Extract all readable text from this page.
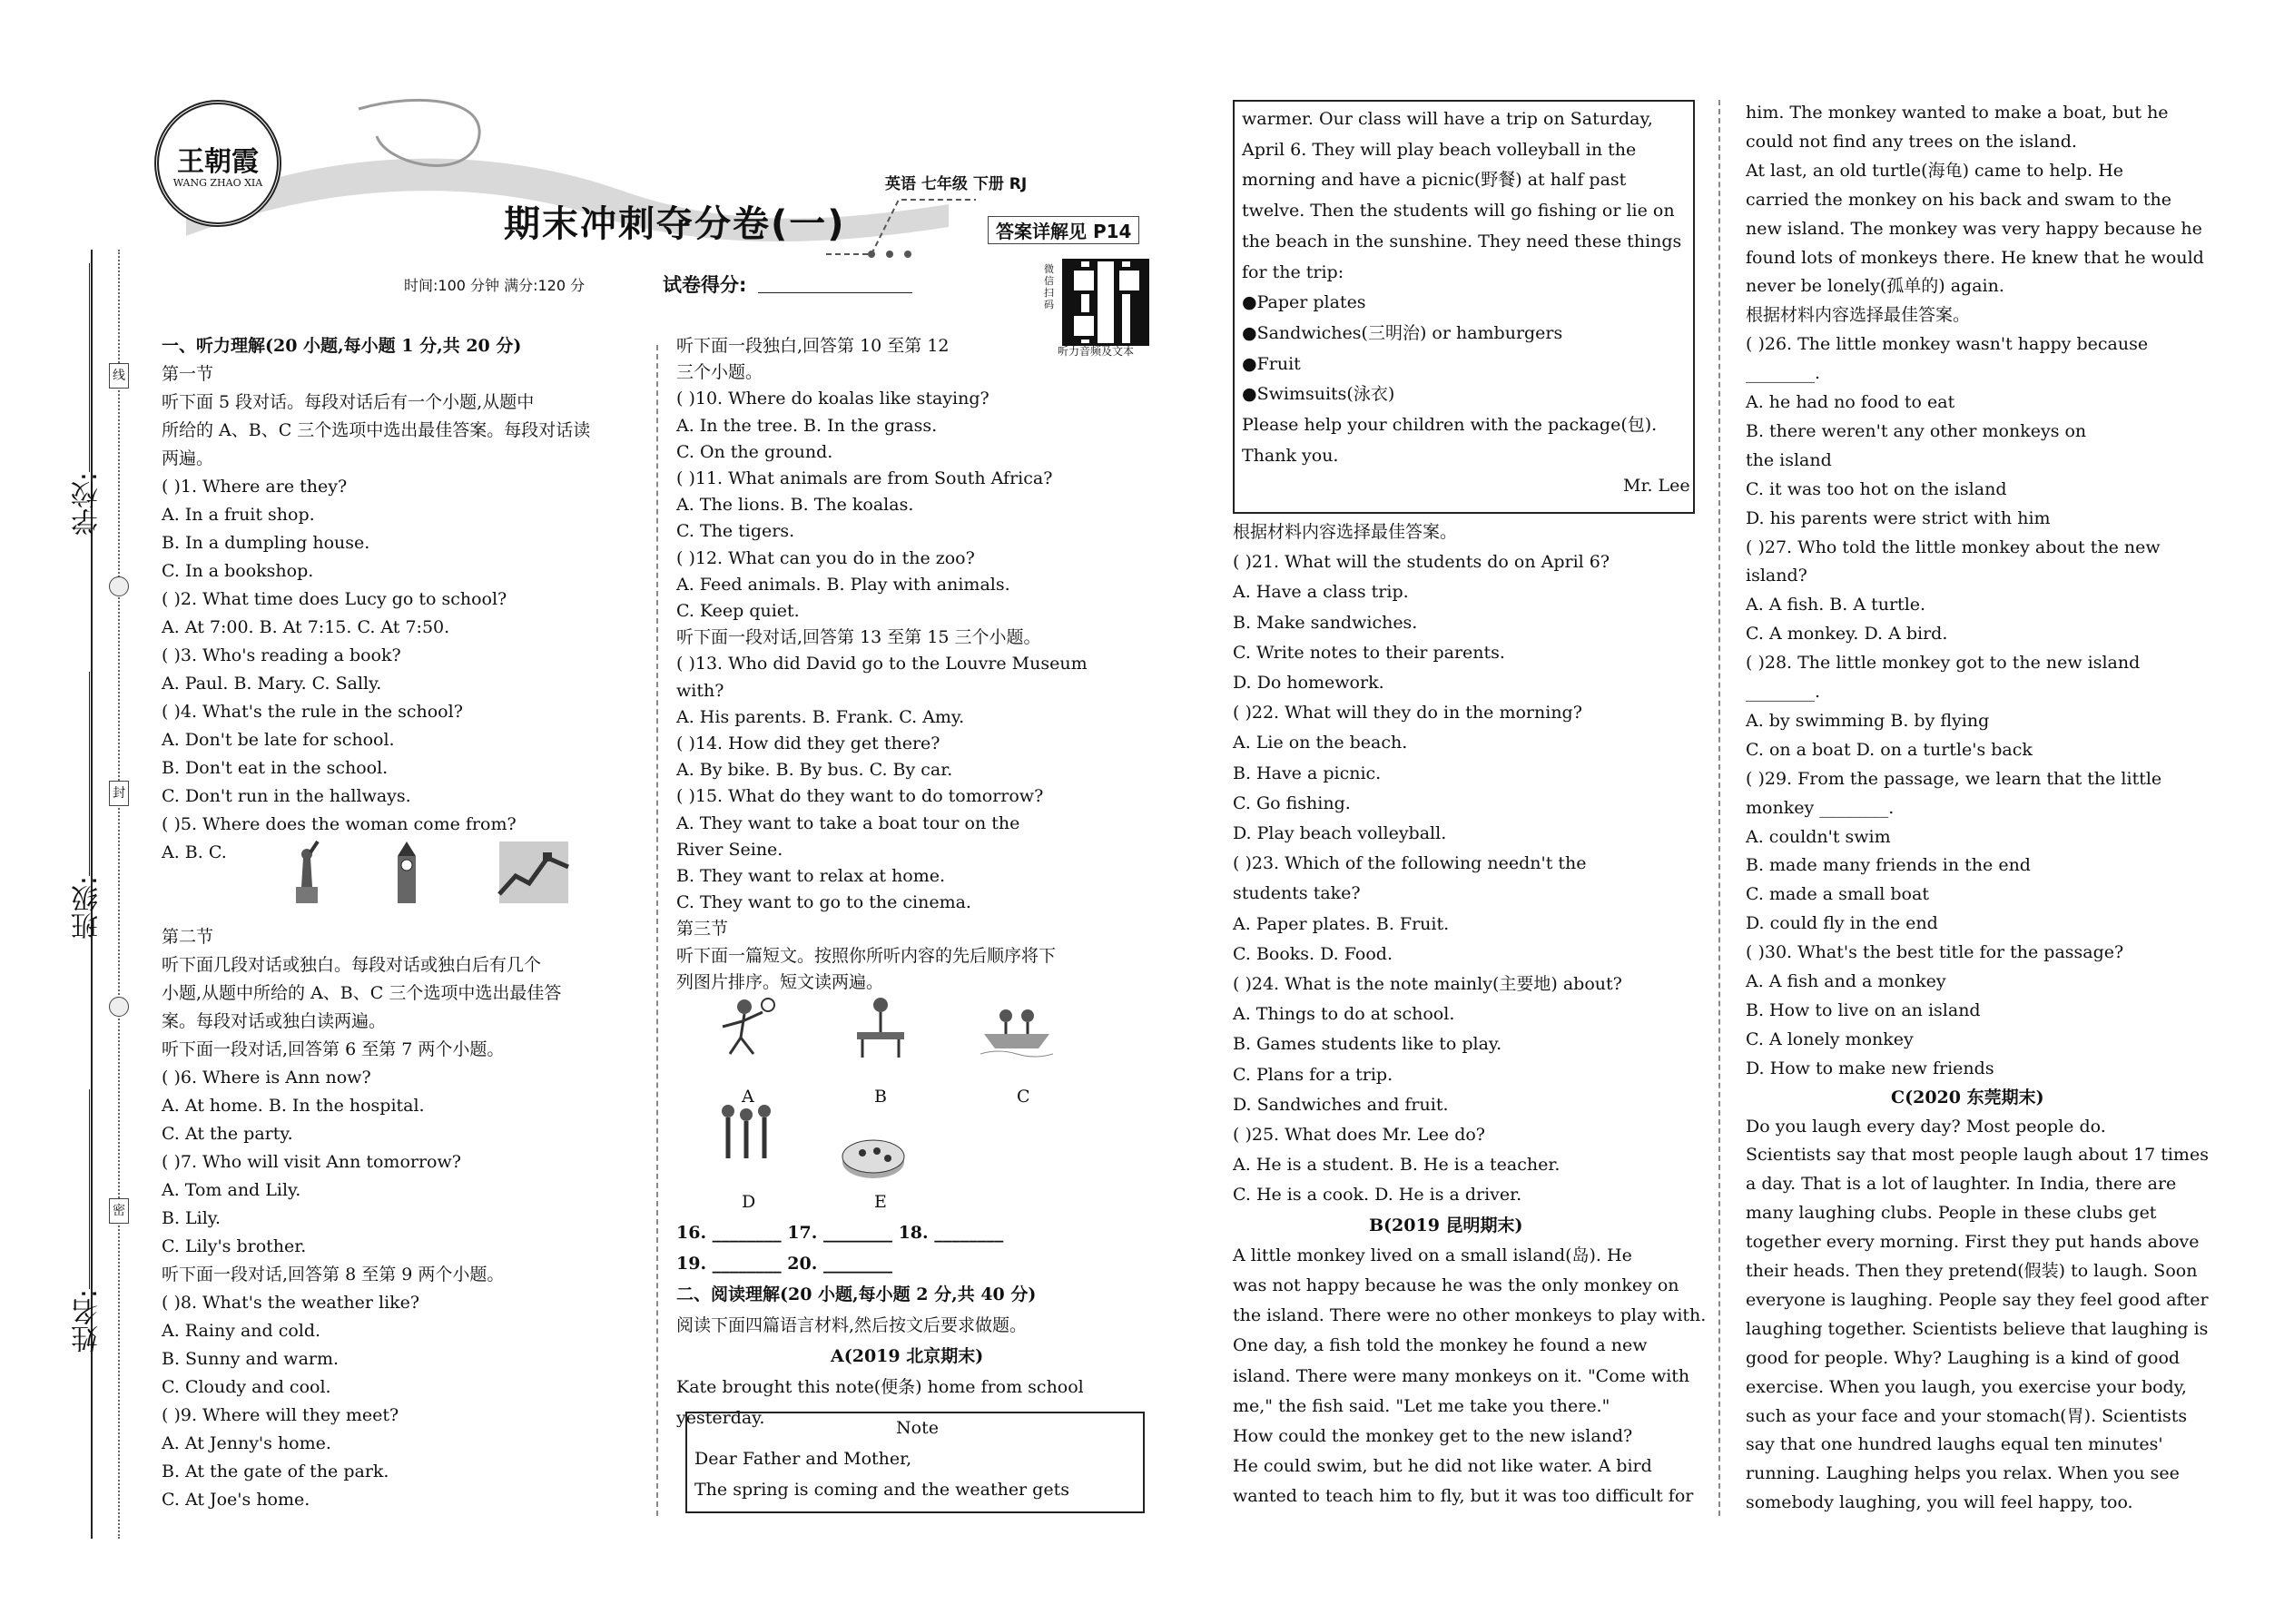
学校:
班级:
姓名:
线
封
密
王朝霞
WANG ZHAO XIA
期末冲刺夺分卷(一)
英语 七年级 下册 RJ
答案详解见 P14
时间:100 分钟 满分:120 分	试卷得分:
微信扫码
听力音频及文本
一、听力理解(20 小题,每小题 1 分,共 20 分)
第一节
听下面 5 段对话。每段对话后有一个小题,从题中
所给的 A、B、C 三个选项中选出最佳答案。每段对话读
两遍。
( )1. Where are they?
A. In a fruit shop.
B. In a dumpling house.
C. In a bookshop.
( )2. What time does Lucy go to school?
A. At 7:00. B. At 7:15. C. At 7:50.
( )3. Who's reading a book?
A. Paul. B. Mary. C. Sally.
( )4. What's the rule in the school?
A. Don't be late for school.
B. Don't eat in the school.
C. Don't run in the hallways.
( )5. Where does the woman come from?
A. B. C.
第二节
听下面几段对话或独白。每段对话或独白后有几个
小题,从题中所给的 A、B、C 三个选项中选出最佳答
案。每段对话或独白读两遍。
听下面一段对话,回答第 6 至第 7 两个小题。
( )6. Where is Ann now?
A. At home. B. In the hospital.
C. At the party.
( )7. Who will visit Ann tomorrow?
A. Tom and Lily.
B. Lily.
C. Lily's brother.
听下面一段对话,回答第 8 至第 9 两个小题。
( )8. What's the weather like?
A. Rainy and cold.
B. Sunny and warm.
C. Cloudy and cool.
( )9. Where will they meet?
A. At Jenny's home.
B. At the gate of the park.
C. At Joe's home.
听下面一段独白,回答第 10 至第 12
三个小题。
( )10. Where do koalas like staying?
A. In the tree. B. In the grass.
C. On the ground.
( )11. What animals are from South Africa?
A. The lions. B. The koalas.
C. The tigers.
( )12. What can you do in the zoo?
A. Feed animals. B. Play with animals.
C. Keep quiet.
听下面一段对话,回答第 13 至第 15 三个小题。
( )13. Who did David go to the Louvre Museum
with?
A. His parents. B. Frank. C. Amy.
( )14. How did they get there?
A. By bike. B. By bus. C. By car.
( )15. What do they want to do tomorrow?
A. They want to take a boat tour on the
River Seine.
B. They want to relax at home.
C. They want to go to the cinema.
第三节
听下面一篇短文。按照你所听内容的先后顺序将下
列图片排序。短文读两遍。
A	B	C
D	E
16. ________ 17. ________ 18. ________
19. ________ 20. ________
二、阅读理解(20 小题,每小题 2 分,共 40 分)
阅读下面四篇语言材料,然后按文后要求做题。
A(2019 北京期末)
Kate brought this note(便条) home from school
yesterday.	Note
Dear Father and Mother,
The spring is coming and the weather gets
warmer. Our class will have a trip on Saturday,
April 6. They will play beach volleyball in the
morning and have a picnic(野餐) at half past
twelve. Then the students will go fishing or lie on
the beach in the sunshine. They need these things
for the trip:
●Paper plates
●Sandwiches(三明治) or hamburgers
●Fruit
●Swimsuits(泳衣)
Please help your children with the package(包).
Thank you.
Mr. Lee
根据材料内容选择最佳答案。
( )21. What will the students do on April 6?
A. Have a class trip.
B. Make sandwiches.
C. Write notes to their parents.
D. Do homework.
( )22. What will they do in the morning?
A. Lie on the beach.
B. Have a picnic.
C. Go fishing.
D. Play beach volleyball.
( )23. Which of the following needn't the
students take?
A. Paper plates. B. Fruit.
C. Books. D. Food.
( )24. What is the note mainly(主要地) about?
A. Things to do at school.
B. Games students like to play.
C. Plans for a trip.
D. Sandwiches and fruit.
( )25. What does Mr. Lee do?
A. He is a student. B. He is a teacher.
C. He is a cook. D. He is a driver.
B(2019 昆明期末)
A little monkey lived on a small island(岛). He
was not happy because he was the only monkey on
the island. There were no other monkeys to play with.
One day, a fish told the monkey he found a new
island. There were many monkeys on it. "Come with
me," the fish said. "Let me take you there."
How could the monkey get to the new island?
He could swim, but he did not like water. A bird
wanted to teach him to fly, but it was too difficult for
him. The monkey wanted to make a boat, but he
could not find any trees on the island.
At last, an old turtle(海龟) came to help. He
carried the monkey on his back and swam to the
new island. The monkey was very happy because he
found lots of monkeys there. He knew that he would
never be lonely(孤单的) again.
根据材料内容选择最佳答案。
( )26. The little monkey wasn't happy because
________.
A. he had no food to eat
B. there weren't any other monkeys on
the island
C. it was too hot on the island
D. his parents were strict with him
( )27. Who told the little monkey about the new
island?
A. A fish. B. A turtle.
C. A monkey. D. A bird.
( )28. The little monkey got to the new island
________.
A. by swimming B. by flying
C. on a boat D. on a turtle's back
( )29. From the passage, we learn that the little
monkey ________.
A. couldn't swim
B. made many friends in the end
C. made a small boat
D. could fly in the end
( )30. What's the best title for the passage?
A. A fish and a monkey
B. How to live on an island
C. A lonely monkey
D. How to make new friends
C(2020 东莞期末)
Do you laugh every day? Most people do.
Scientists say that most people laugh about 17 times
a day. That is a lot of laughter. In India, there are
many laughing clubs. People in these clubs get
together every morning. First they put hands above
their heads. Then they pretend(假装) to laugh. Soon
everyone is laughing. People say they feel good after
laughing together. Scientists believe that laughing is
good for people. Why? Laughing is a kind of good
exercise. When you laugh, you exercise your body,
such as your face and your stomach(胃). Scientists
say that one hundred laughs equal ten minutes'
running. Laughing helps you relax. When you see
somebody laughing, you will feel happy, too.
